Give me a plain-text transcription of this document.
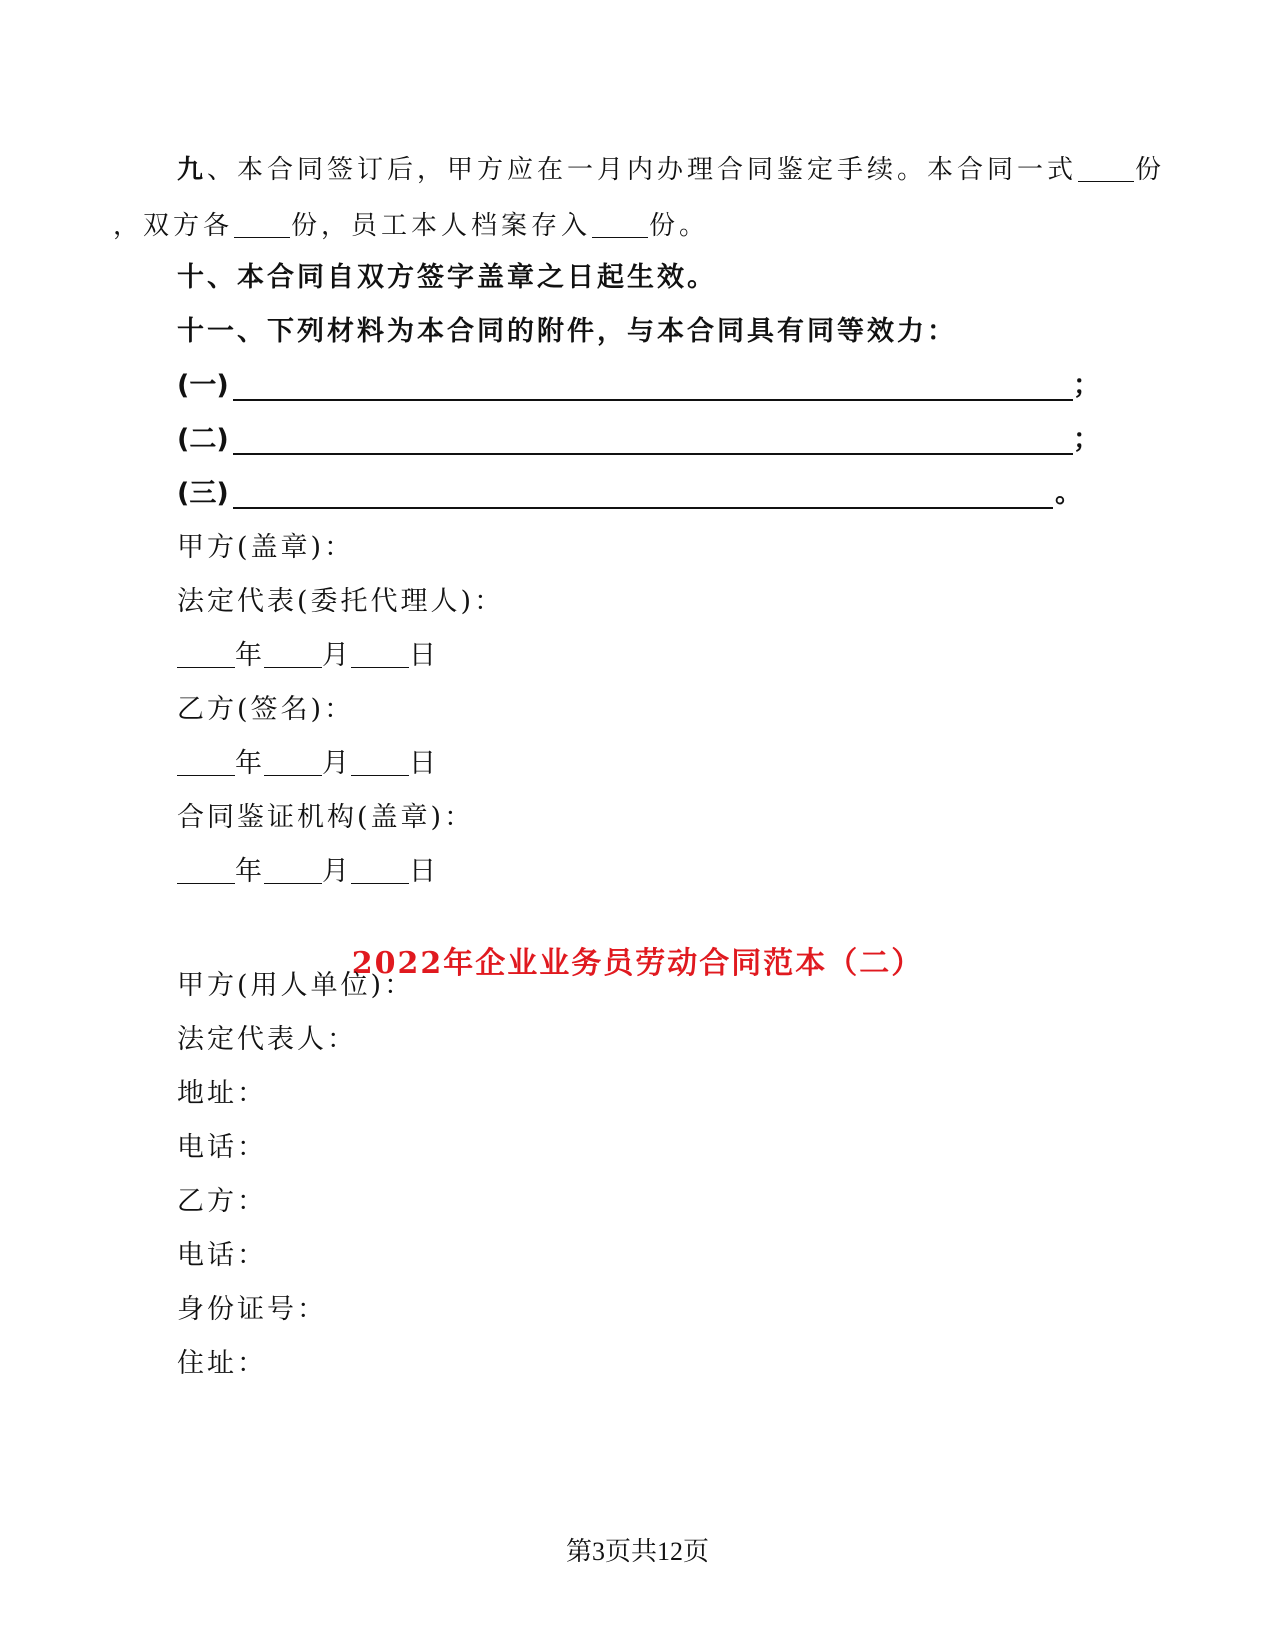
九、本合同签订后，甲方应在一月内办理合同鉴定手续。本合同一式 份
，双方各 份，员工本人档案存入 份。
十、本合同自双方签字盖章之日起生效。
十一、下列材料为本合同的附件，与本合同具有同等效力：
(一)	；
(二)	；
(三)	。
甲方(盖章)：
法定代表(委托代理人)：
年 月 日
乙方(签名)：
年 月 日
合同鉴证机构(盖章)：
年 月 日
2022年企业业务员劳动合同范本（二）
甲方(用人单位)：
法定代表人：
地址：
电话：
乙方：
电话：
身份证号：
住址：
第3页共12页
